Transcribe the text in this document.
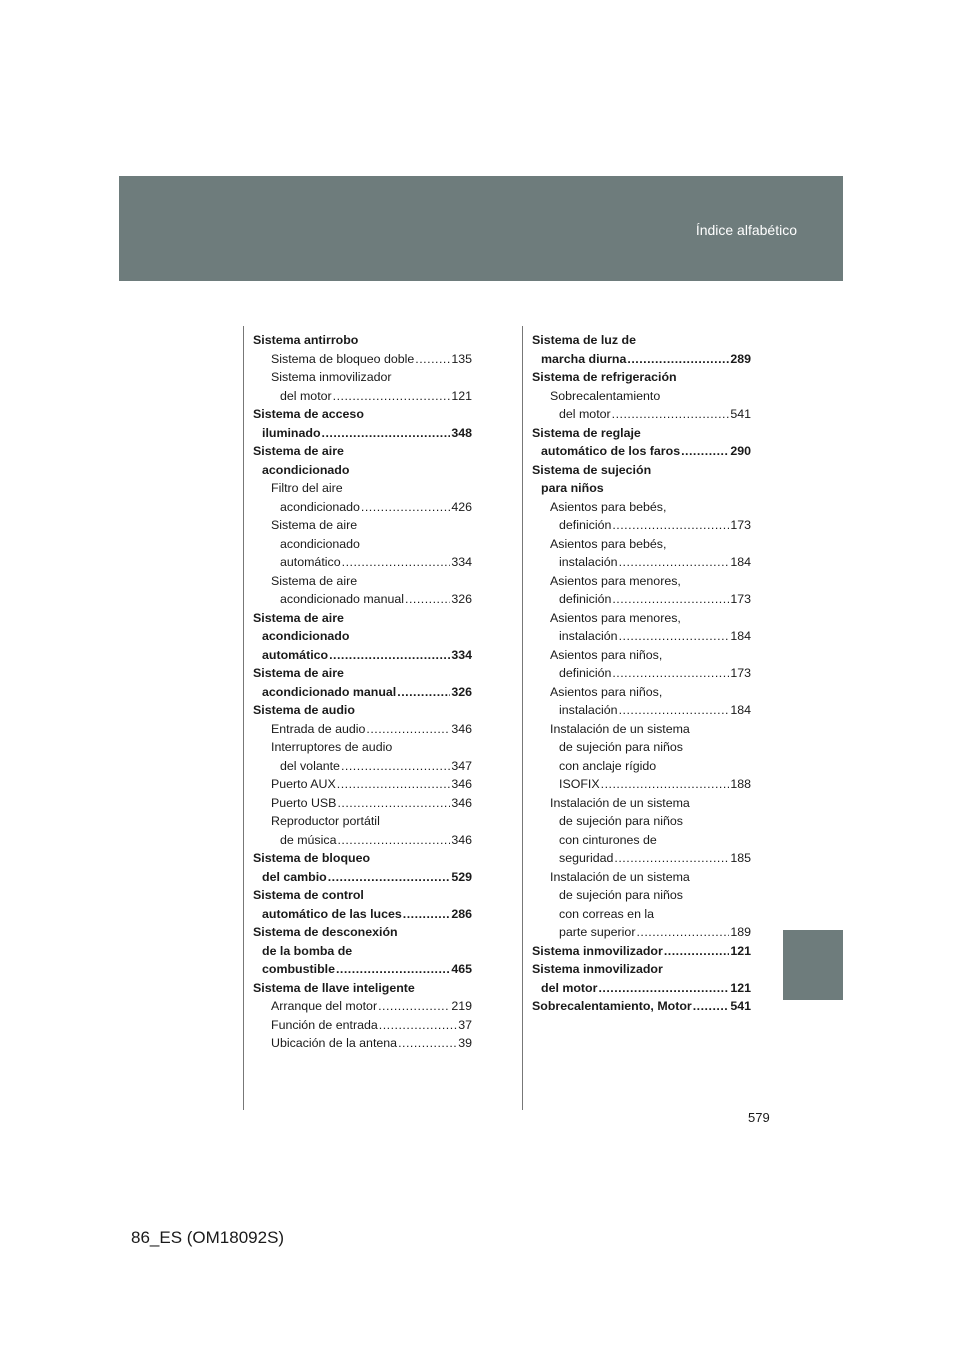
Índice alfabético
Sistema antirrobo
Sistema de bloqueo doble .....	135
Sistema inmovilizador
del motor .....	121
Sistema de acceso
iluminado .....	348
Sistema de aire
acondicionado
Filtro del aire
acondicionado .....	426
Sistema de aire
acondicionado
automático .....	334
Sistema de aire
acondicionado manual .....	326
Sistema de aire
acondicionado
automático .....	334
Sistema de aire
acondicionado manual .....	326
Sistema de audio
Entrada de audio .....	346
Interruptores de audio
del volante .....	347
Puerto AUX .....	346
Puerto USB .....	346
Reproductor portátil
de música .....	346
Sistema de bloqueo
del cambio .....	529
Sistema de control
automático de las luces .....	286
Sistema de desconexión
de la bomba de
combustible .....	465
Sistema de llave inteligente
Arranque del motor .....	219
Función de entrada .....	37
Ubicación de la antena .....	39
Sistema de luz de
marcha diurna .....	289
Sistema de refrigeración
Sobrecalentamiento
del motor .....	541
Sistema de reglaje
automático de los faros .....	290
Sistema de sujeción
para niños
Asientos para bebés,
definición .....	173
Asientos para bebés,
instalación .....	184
Asientos para menores,
definición .....	173
Asientos para menores,
instalación .....	184
Asientos para niños,
definición .....	173
Asientos para niños,
instalación .....	184
Instalación de un sistema
de sujeción para niños
con anclaje rígido
ISOFIX .....	188
Instalación de un sistema
de sujeción para niños
con cinturones de
seguridad .....	185
Instalación de un sistema
de sujeción para niños
con correas en la
parte superior .....	189
Sistema inmovilizador .....	121
Sistema inmovilizador
del motor .....	121
Sobrecalentamiento, Motor .....	541
579
86_ES (OM18092S)
